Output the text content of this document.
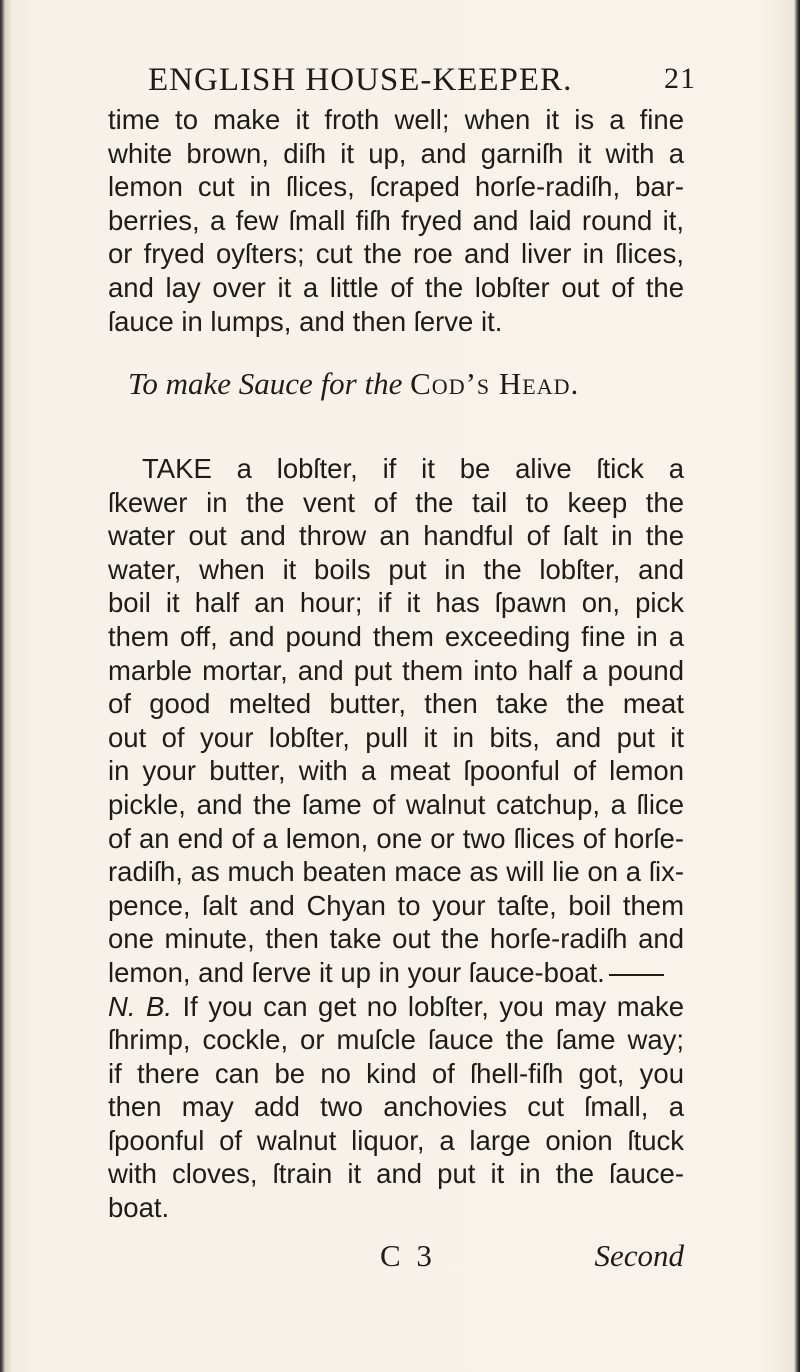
ENGLISH HOUSE-KEEPER.	21
time to make it froth well; when it is a fine
white brown, diſh it up, and garniſh it with a
lemon cut in ſlices, ſcraped horſe-radiſh, bar-
berries, a few ſmall fiſh fryed and laid round it,
or fryed oyſters; cut the roe and liver in ſlices,
and lay over it a little of the lobſter out of the
ſauce in lumps, and then ſerve it.
To make Sauce for the Cod’s Head.
TAKE a lobſter, if it be alive ſtick a
ſkewer in the vent of the tail to keep the
water out and throw an handful of ſalt in the
water, when it boils put in the lobſter, and
boil it half an hour; if it has ſpawn on, pick
them off, and pound them exceeding fine in a
marble mortar, and put them into half a pound
of good melted butter, then take the meat
out of your lobſter, pull it in bits, and put it
in your butter, with a meat ſpoonful of lemon
pickle, and the ſame of walnut catchup, a ſlice
of an end of a lemon, one or two ſlices of horſe-
radiſh, as much beaten mace as will lie on a ſix-
pence, ſalt and Chyan to your taſte, boil them
one minute, then take out the horſe-radiſh and
lemon, and ſerve it up in your ſauce-boat.
N. B. If you can get no lobſter, you may make
ſhrimp, cockle, or muſcle ſauce the ſame way;
if there can be no kind of ſhell-fiſh got, you
then may add two anchovies cut ſmall, a
ſpoonful of walnut liquor, a large onion ſtuck
with cloves, ſtrain it and put it in the ſauce-
boat.
C 3	Second
